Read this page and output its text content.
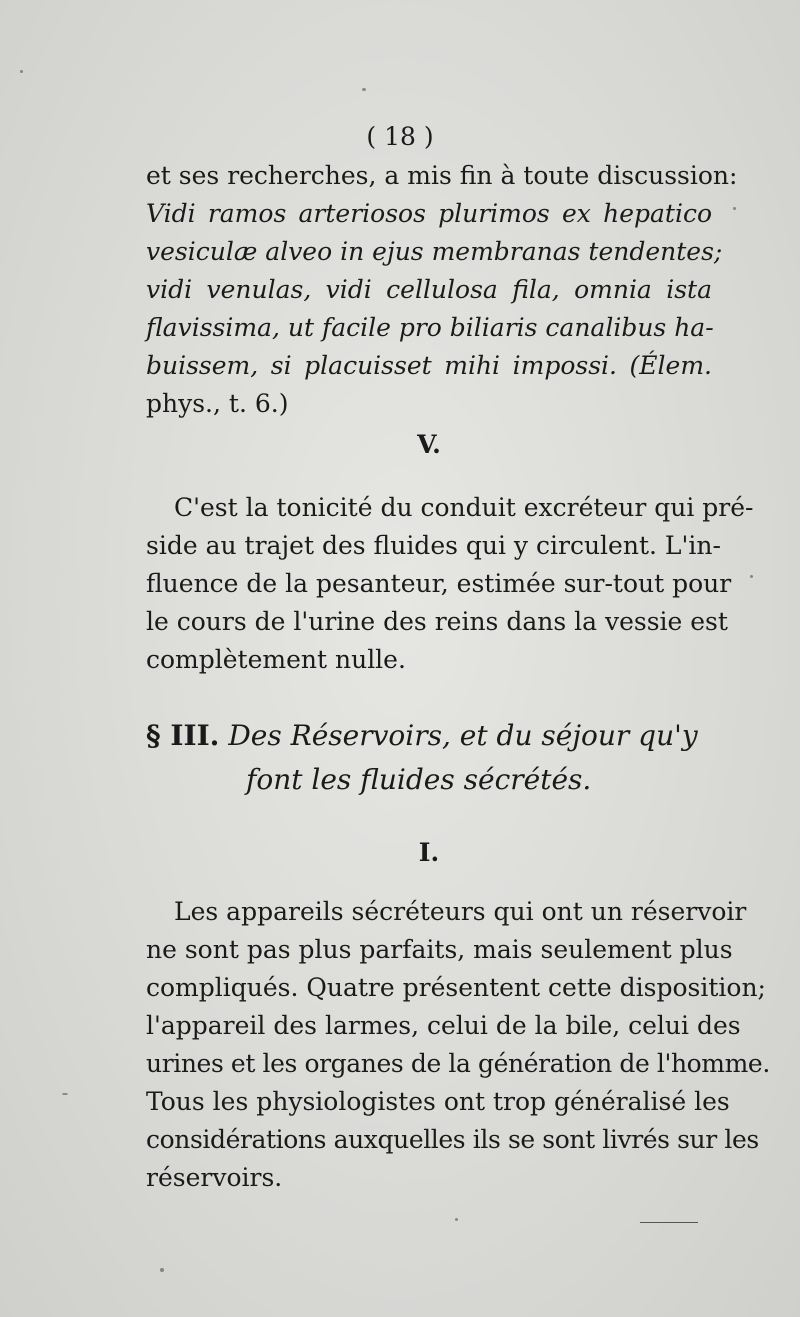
( 18 )
et ses recherches, a mis fin à toute discussion:
Vidi ramos arteriosos plurimos ex hepatico
vesiculæ alveo in ejus membranas tendentes;
vidi venulas, vidi cellulosa fila, omnia ista
flavissima, ut facile pro biliaris canalibus ha-
buissem, si placuisset mihi impossi. (Élem.
phys., t. 6.)
V.
C'est la tonicité du conduit excréteur qui pré-
side au trajet des fluides qui y circulent. L'in-
fluence de la pesanteur, estimée sur-tout pour
le cours de l'urine des reins dans la vessie est
complètement nulle.
§ III. Des Réservoirs, et du séjour qu'y
font les fluides sécrétés.
I.
Les appareils sécréteurs qui ont un réservoir
ne sont pas plus parfaits, mais seulement plus
compliqués. Quatre présentent cette disposition;
l'appareil des larmes, celui de la bile, celui des
urines et les organes de la génération de l'homme.
Tous les physiologistes ont trop généralisé les
considérations auxquelles ils se sont livrés sur les
réservoirs.
